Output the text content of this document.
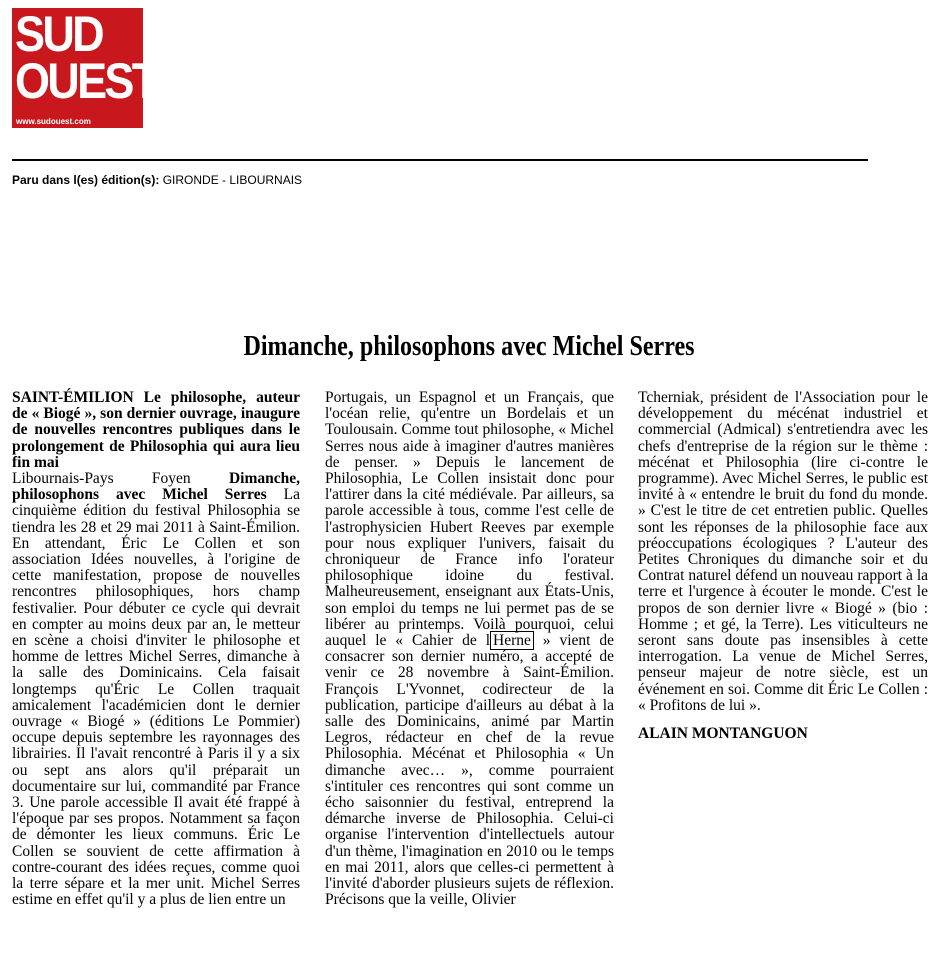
SUD
OUEST
www.sudouest.com
Paru dans l(es) édition(s): GIRONDE - LIBOURNAIS
Dimanche, philosophons avec Michel Serres

SAINT-ÉMILION Le philosophe, auteur de « Biogé », son dernier ouvrage, inaugure de nouvelles rencontres publiques dans le prolongement de Philosophia qui aura lieu fin mai

Libournais-Pays Foyen Dimanche, philosophons avec Michel Serres La cinquième édition du festival Philosophia se tiendra les 28 et 29 mai 2011 à Saint-Émilion. En attendant, Éric Le Collen et son association Idées nouvelles, à l'origine de cette manifestation, propose de nouvelles rencontres philosophiques, hors champ festivalier. Pour débuter ce cycle qui devrait en compter au moins deux par an, le metteur en scène a choisi d'inviter le philosophe et homme de lettres Michel Serres, dimanche à la salle des Dominicains. Cela faisait longtemps qu'Éric Le Collen traquait amicalement l'académicien dont le dernier ouvrage « Biogé » (éditions Le Pommier) occupe depuis septembre les rayonnages des librairies. Il l'avait rencontré à Paris il y a six ou sept ans alors qu'il préparait un documentaire sur lui, commandité par France 3. Une parole accessible Il avait été frappé à l'époque par ses propos. Notamment sa façon de démonter les lieux communs. Éric Le Collen se souvient de cette affirmation à contre-courant des idées reçues, comme quoi la terre sépare et la mer unit. Michel Serres estime en effet qu'il y a plus de lien entre un

Portugais, un Espagnol et un Français, que l'océan relie, qu'entre un Bordelais et un Toulousain. Comme tout philosophe, « Michel Serres nous aide à imaginer d'autres manières de penser. » Depuis le lancement de Philosophia, Le Collen insistait donc pour l'attirer dans la cité médiévale. Par ailleurs, sa parole accessible à tous, comme l'est celle de l'astrophysicien Hubert Reeves par exemple pour nous expliquer l'univers, faisait du chroniqueur de France info l'orateur philosophique idoine du festival. Malheureusement, enseignant aux États-Unis, son emploi du temps ne lui permet pas de se libérer au printemps. Voilà pourquoi, celui auquel le « Cahier de l Herne » vient de consacrer son dernier numéro, a accepté de venir ce 28 novembre à Saint-Émilion. François L'Yvonnet, codirecteur de la publication, participe d'ailleurs au débat à la salle des Dominicains, animé par Martin Legros, rédacteur en chef de la revue Philosophia. Mécénat et Philosophia « Un dimanche avec… », comme pourraient s'intituler ces rencontres qui sont comme un écho saisonnier du festival, entreprend la démarche inverse de Philosophia. Celui-ci organise l'intervention d'intellectuels autour d'un thème, l'imagination en 2010 ou le temps en mai 2011, alors que celles-ci permettent à l'invité d'aborder plusieurs sujets de réflexion. Précisons que la veille, Olivier

Tcherniak, président de l'Association pour le développement du mécénat industriel et commercial (Admical) s'entretiendra avec les chefs d'entreprise de la région sur le thème : mécénat et Philosophia (lire ci-contre le programme). Avec Michel Serres, le public est invité à « entendre le bruit du fond du monde. » C'est le titre de cet entretien public. Quelles sont les réponses de la philosophie face aux préoccupations écologiques ? L'auteur des Petites Chroniques du dimanche soir et du Contrat naturel défend un nouveau rapport à la terre et l'urgence à écouter le monde. C'est le propos de son dernier livre « Biogé » (bio : Homme ; et gé, la Terre). Les viticulteurs ne seront sans doute pas insensibles à cette interrogation. La venue de Michel Serres, penseur majeur de notre siècle, est un événement en soi. Comme dit Éric Le Collen : « Profitons de lui ».

ALAIN MONTANGUON
